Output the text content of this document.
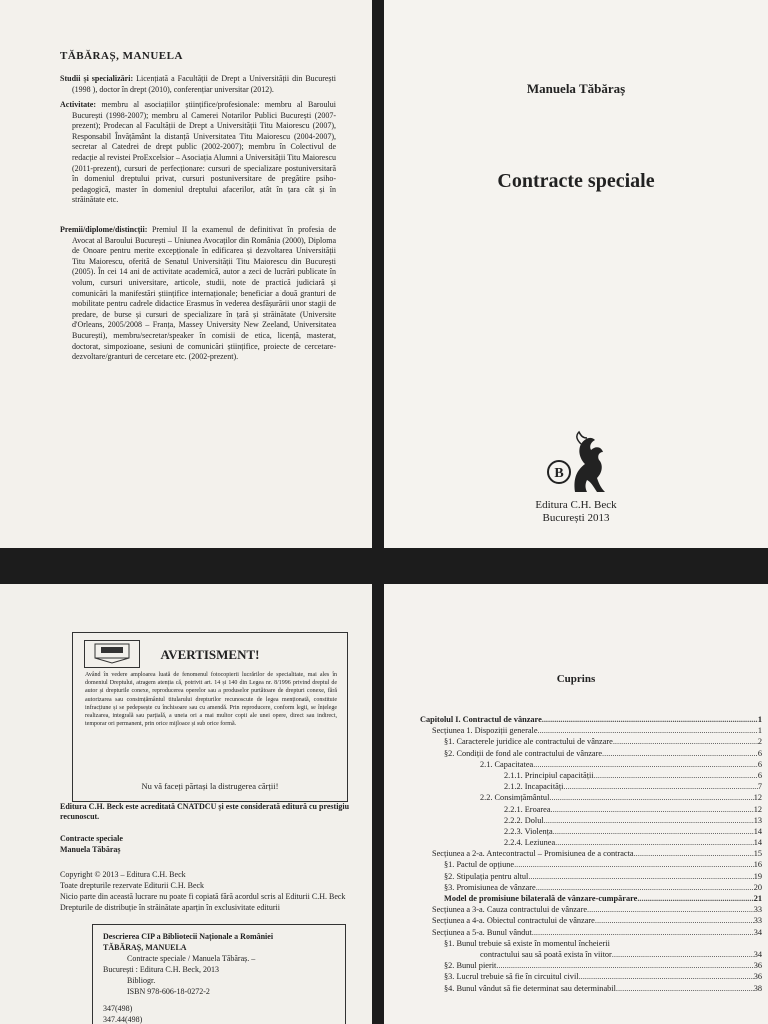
TĂBĂRAȘ, MANUELA

Studii și specializări: Licențiată a Facultății de Drept a Universității din București (1998 ), doctor în drept (2010), conferențiar universitar (2012).

Activitate: membru al asociațiilor științifice/profesionale: membru al Baroului București (1998-2007); membru al Camerei Notarilor Publici București (2007-prezent); Prodecan al Facultății de Drept a Universității Titu Maiorescu (2007), Responsabil Învățământ la distanță Universitatea Titu Maiorescu (2004-2007), secretar al Catedrei de drept public (2002-2007); membru în Colectivul de redacție al revistei ProExcelsior – Asociația Alumni a Universității Titu Maiorescu (2011-prezent), cursuri de perfecționare: cursuri de specializare postuniversitară în domeniul dreptului privat, cursuri postuniversitare de pregătire psiho-pedagogică, master în domeniul dreptului afacerilor, atât în țara cât și în străinătate etc.

Premii/diplome/distincții: Premiul II la examenul de definitivat în profesia de Avocat al Baroului București – Uniunea Avocaților din România (2000), Diploma de Onoare pentru merite excepționale în edificarea și dezvoltarea Universității Titu Maiorescu, oferită de Senatul Universității Titu Maiorescu din București (2005). În cei 14 ani de activitate academică, autor a zeci de lucrări publicate în volum, cursuri universitare, articole, studii, note de practică judiciară și comunicări la manifestări științifice internaționale; beneficiar a două granturi de mobilitate pentru cadrele didactice Erasmus în vederea desfășurării unor stagii de predare, de burse și cursuri de specializare în țară și străinătate (Universite d'Orleans, 2005/2008 – Franța, Massey University New Zeeland, Universitatea București), membru/secretar/speaker în comisii de etica, licență, masterat, doctorat, simpozioane, sesiuni de comunicări științifice, proiecte de cercetare-dezvoltare/granturi de cercetare etc. (2002-prezent).

Manuela Tăbăraș
Contracte speciale
B
Editura C.H. Beck
București 2013
AVERTISMENT!
Având în vedere amploarea luată de fenomenul fotocopierii lucrărilor de specialitate, mai ales în domeniul Dreptului, atragem atenția că, potrivit art. 14 și 140 din Legea nr. 8/1996 privind dreptul de autor și drepturile conexe, reproducerea operelor sau a produselor purtătoare de drepturi conexe, fără autorizarea sau consimțământul titularului drepturilor recunoscute de legea menționată, constituie infracțiune și se pedepsește cu închisoare sau cu amendă. Prin reproducere, conform legii, se înțelege realizarea, integrală sau parțială, a uneia ori a mai multor copii ale unei opere, direct sau indirect, temporar ori permanent, prin orice mijloace și sub orice formă.
Nu vă faceți părtași la distrugerea cărții!
Editura C.H. Beck este acreditată CNATDCU și este considerată editură cu prestigiu recunoscut.
Contracte speciale
Manuela Tăbăraș
Copyright © 2013 – Editura C.H. Beck
Toate drepturile rezervate Editurii C.H. Beck
Nicio parte din această lucrare nu poate fi copiată fără acordul scris al Editurii C.H. Beck
Drepturile de distribuție în străinătate aparțin în exclusivitate editurii
Descrierea CIP a Bibliotecii Naționale a României
TĂBĂRAȘ, MANUELA
Contracte speciale / Manuela Tăbăraș. –
București : Editura C.H. Beck, 2013
Bibliogr.
ISBN 978-606-18-0272-2
347(498)
347.44(498)
Cuprins
Capitolul I. Contractul de vânzare .....	1
Secțiunea 1. Dispoziții generale .....	1
§1. Caracterele juridice ale contractului de vânzare .....	2
§2. Condiții de fond ale contractului de vânzare .....	6
2.1. Capacitatea .....	6
2.1.1. Principiul capacității .....	6
2.1.2. Incapacități .....	7
2.2. Consimțământul .....	12
2.2.1. Eroarea .....	12
2.2.2. Dolul .....	13
2.2.3. Violența .....	14
2.2.4. Leziunea .....	14
Secțiunea a 2-a. Antecontractul – Promisiunea de a contracta .....	15
§1. Pactul de opțiune .....	16
§2. Stipulația pentru altul .....	19
§3. Promisiunea de vânzare .....	20
Model de promisiune bilaterală de vânzare-cumpărare .....	21
Secțiunea a 3-a. Cauza contractului de vânzare .....	33
Secțiunea a 4-a. Obiectul contractului de vânzare .....	33
Secțiunea a 5-a. Bunul vândut .....	34
§1. Bunul trebuie să existe în momentul încheierii
contractului sau să poată exista în viitor .....	34
§2. Bunul pierit .....	36
§3. Lucrul trebuie să fie în circuitul civil .....	36
§4. Bunul vândut să fie determinat sau determinabil .....	38
